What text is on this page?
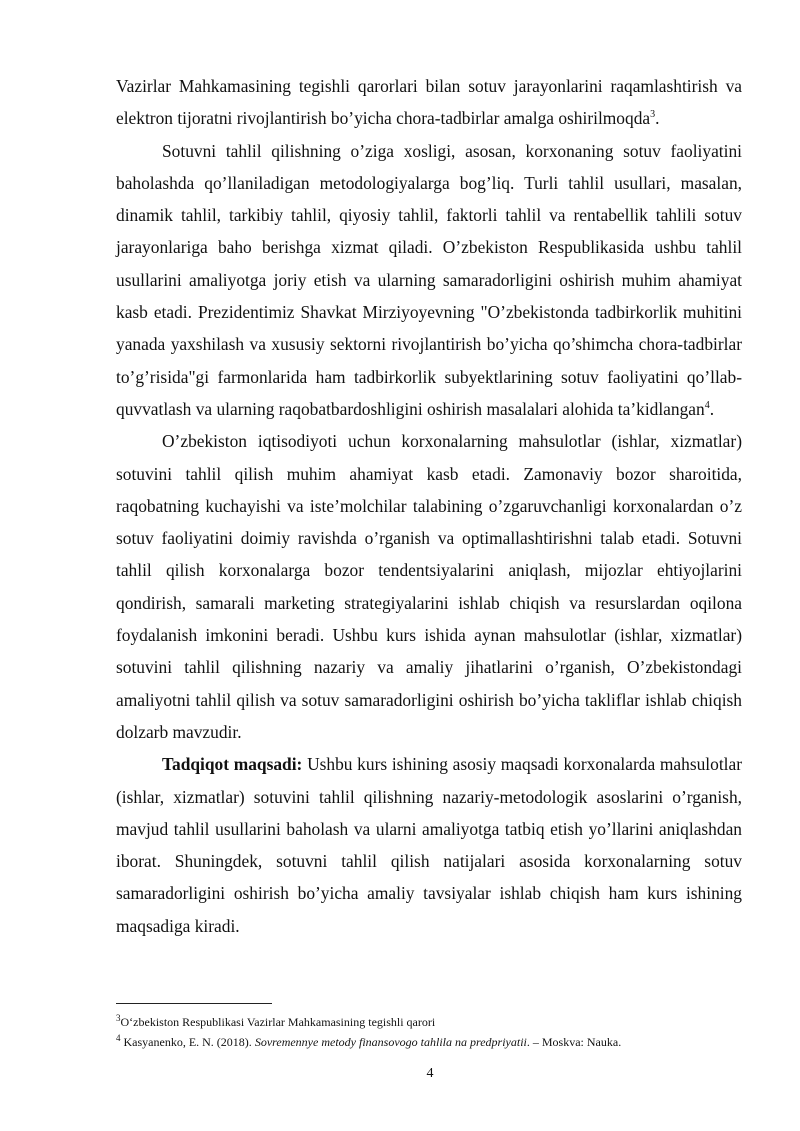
Vazirlar Mahkamasining tegishli qarorlari bilan sotuv jarayonlarini raqamlashtirish va elektron tijoratni rivojlantirish bo’yicha chora-tadbirlar amalga oshirilmoqda$^3$.

Sotuvni tahlil qilishning o’ziga xosligi, asosan, korxonaning sotuv faoliyatini baholashda qo’llaniladigan metodologiyalarga bog’liq. Turli tahlil usullari, masalan, dinamik tahlil, tarkibiy tahlil, qiyosiy tahlil, faktorli tahlil va rentabellik tahlili sotuv jarayonlariga baho berishga xizmat qiladi. O’zbekiston Respublikasida ushbu tahlil usullarini amaliyotga joriy etish va ularning samaradorligini oshirish muhim ahamiyat kasb etadi. Prezidentimiz Shavkat Mirziyoyevning "O’zbekistonda tadbirkorlik muhitini yanada yaxshilash va xususiy sektorni rivojlantirish bo’yicha qo’shimcha chora-tadbirlar to’g’risida"gi farmonlarida ham tadbirkorlik subyektlarining sotuv faoliyatini qo’llab-quvvatlash va ularning raqobatbardoshligini oshirish masalalari alohida ta’kidlangan$^4$.

O’zbekiston iqtisodiyoti uchun korxonalarning mahsulotlar (ishlar, xizmatlar) sotuvini tahlil qilish muhim ahamiyat kasb etadi. Zamonaviy bozor sharoitida, raqobatning kuchayishi va iste’molchilar talabining o’zgaruvchanligi korxonalardan o’z sotuv faoliyatini doimiy ravishda o’rganish va optimallashtirishni talab etadi. Sotuvni tahlil qilish korxonalarga bozor tendentsiyalarini aniqlash, mijozlar ehtiyojlarini qondirish, samarali marketing strategiyalarini ishlab chiqish va resurslardan oqilona foydalanish imkonini beradi. Ushbu kurs ishida aynan mahsulotlar (ishlar, xizmatlar) sotuvini tahlil qilishning nazariy va amaliy jihatlarini o’rganish, O’zbekistondagi amaliyotni tahlil qilish va sotuv samaradorligini oshirish bo’yicha takliflar ishlab chiqish dolzarb mavzudir.

Tadqiqot maqsadi: Ushbu kurs ishining asosiy maqsadi korxonalarda mahsulotlar (ishlar, xizmatlar) sotuvini tahlil qilishning nazariy-metodologik asoslarini o’rganish, mavjud tahlil usullarini baholash va ularni amaliyotga tatbiq etish yo’llarini aniqlashdan iborat. Shuningdek, sotuvni tahlil qilish natijalari asosida korxonalarning sotuv samaradorligini oshirish bo’yicha amaliy tavsiyalar ishlab chiqish ham kurs ishining maqsadiga kiradi.

$^3$O‘zbekiston Respublikasi Vazirlar Mahkamasining tegishli qarori

$^4$ Kasyanenko, E. N. (2018). Sovremennye metody finansovogo tahlila na predpriyatii. – Moskva: Nauka.

4
